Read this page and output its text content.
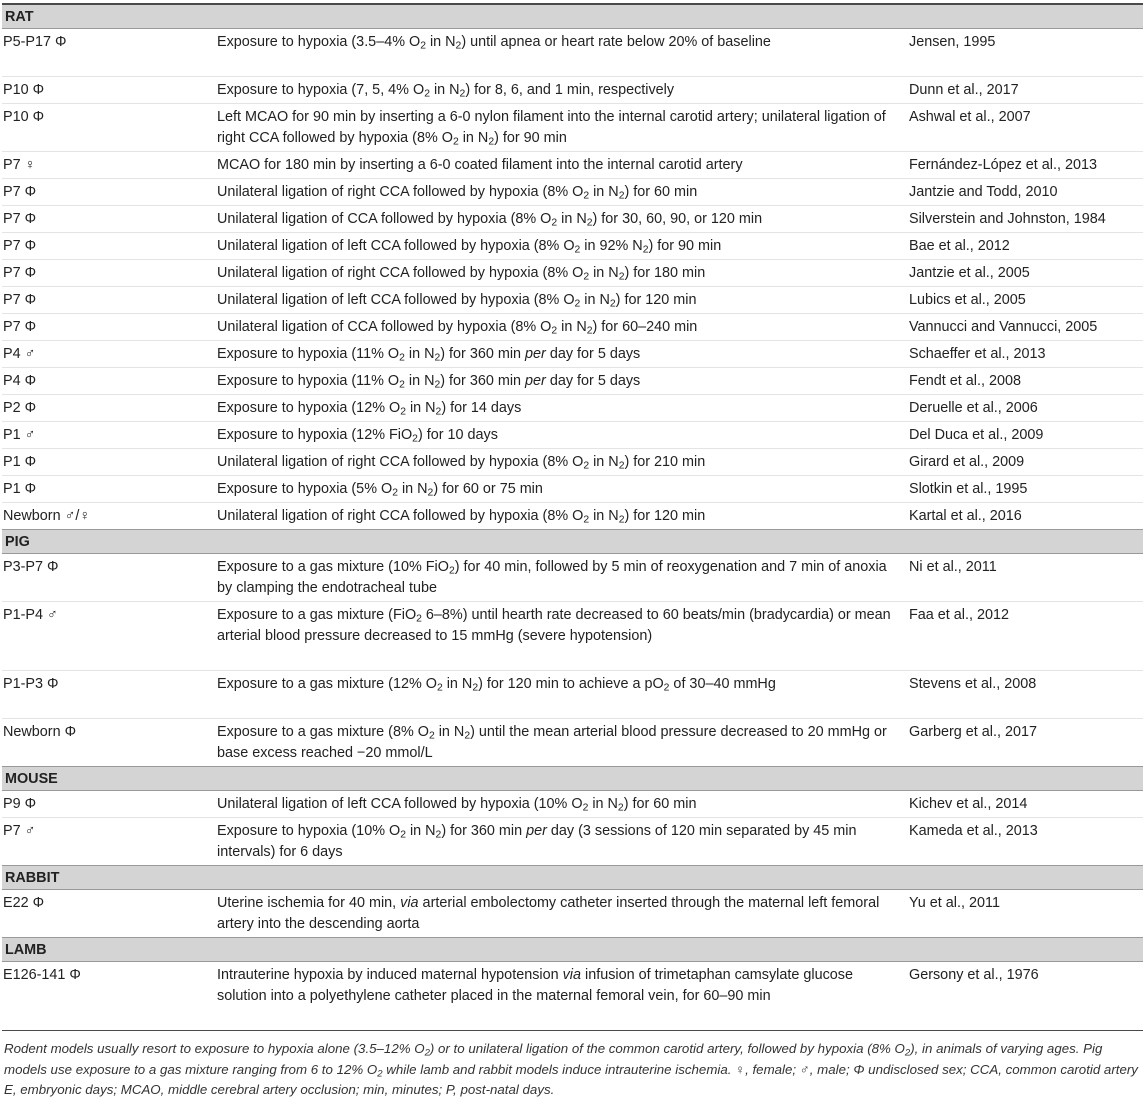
RAT		
P5-P17 Φ	Exposure to hypoxia (3.5–4% $O_2$ in $N_2$) until apnea or heart rate below 20% of baseline	Jensen, 1995
P10 Φ	Exposure to hypoxia (7, 5, 4% $O_2$ in $N_2$) for 8, 6, and 1 min, respectively	Dunn et al., 2017
P10 Φ	Left MCAO for 90 min by inserting a 6-0 nylon filament into the internal carotid artery; unilateral ligation of right CCA followed by hypoxia (8% $O_2$ in $N_2$) for 90 min	Ashwal et al., 2007
P7 ♀	MCAO for 180 min by inserting a 6-0 coated filament into the internal carotid artery	Fernández-López et al., 2013
P7 Φ	Unilateral ligation of right CCA followed by hypoxia (8% $O_2$ in $N_2$) for 60 min	Jantzie and Todd, 2010
P7 Φ	Unilateral ligation of CCA followed by hypoxia (8% $O_2$ in $N_2$) for 30, 60, 90, or 120 min	Silverstein and Johnston, 1984
P7 Φ	Unilateral ligation of left CCA followed by hypoxia (8% $O_2$ in 92% $N_2$) for 90 min	Bae et al., 2012
P7 Φ	Unilateral ligation of right CCA followed by hypoxia (8% $O_2$ in $N_2$) for 180 min	Jantzie et al., 2005
P7 Φ	Unilateral ligation of left CCA followed by hypoxia (8% $O_2$ in $N_2$) for 120 min	Lubics et al., 2005
P7 Φ	Unilateral ligation of CCA followed by hypoxia (8% $O_2$ in $N_2$) for 60–240 min	Vannucci and Vannucci, 2005
P4 ♂	Exposure to hypoxia (11% $O_2$ in $N_2$) for 360 min per day for 5 days	Schaeffer et al., 2013
P4 Φ	Exposure to hypoxia (11% $O_2$ in $N_2$) for 360 min per day for 5 days	Fendt et al., 2008
P2 Φ	Exposure to hypoxia (12% $O_2$ in $N_2$) for 14 days	Deruelle et al., 2006
P1 ♂	Exposure to hypoxia (12% FiO$_2$) for 10 days	Del Duca et al., 2009
P1 Φ	Unilateral ligation of right CCA followed by hypoxia (8% $O_2$ in $N_2$) for 210 min	Girard et al., 2009
P1 Φ	Exposure to hypoxia (5% $O_2$ in $N_2$) for 60 or 75 min	Slotkin et al., 1995
Newborn ♂/♀	Unilateral ligation of right CCA followed by hypoxia (8% $O_2$ in $N_2$) for 120 min	Kartal et al., 2016
PIG		
P3-P7 Φ	Exposure to a gas mixture (10% FiO$_2$) for 40 min, followed by 5 min of reoxygenation and 7 min of anoxia by clamping the endotracheal tube	Ni et al., 2011
P1-P4 ♂	Exposure to a gas mixture (FiO$_2$ 6–8%) until hearth rate decreased to 60 beats/min (bradycardia) or mean arterial blood pressure decreased to 15 mmHg (severe hypotension)	Faa et al., 2012
P1-P3 Φ	Exposure to a gas mixture (12% $O_2$ in $N_2$) for 120 min to achieve a $pO_2$ of 30–40 mmHg	Stevens et al., 2008
Newborn Φ	Exposure to a gas mixture (8% $O_2$ in $N_2$) until the mean arterial blood pressure decreased to 20 mmHg or base excess reached −20 mmol/L	Garberg et al., 2017
MOUSE		
P9 Φ	Unilateral ligation of left CCA followed by hypoxia (10% $O_2$ in $N_2$) for 60 min	Kichev et al., 2014
P7 ♂	Exposure to hypoxia (10% $O_2$ in $N_2$) for 360 min per day (3 sessions of 120 min separated by 45 min intervals) for 6 days	Kameda et al., 2013
RABBIT		
E22 Φ	Uterine ischemia for 40 min, via arterial embolectomy catheter inserted through the maternal left femoral artery into the descending aorta	Yu et al., 2011
LAMB		
E126-141 Φ	Intrauterine hypoxia by induced maternal hypotension via infusion of trimetaphan camsylate glucose solution into a polyethylene catheter placed in the maternal femoral vein, for 60–90 min	Gersony et al., 1976
Rodent models usually resort to exposure to hypoxia alone (3.5–12% $O_2$) or to unilateral ligation of the common carotid artery, followed by hypoxia (8% $O_2$), in animals of varying ages. Pig models use exposure to a gas mixture ranging from 6 to 12% $O_2$ while lamb and rabbit models induce intrauterine ischemia. ♀, female; ♂, male; Φ undisclosed sex; CCA, common carotid artery E, embryonic days; MCAO, middle cerebral artery occlusion; min, minutes; P, post-natal days.
